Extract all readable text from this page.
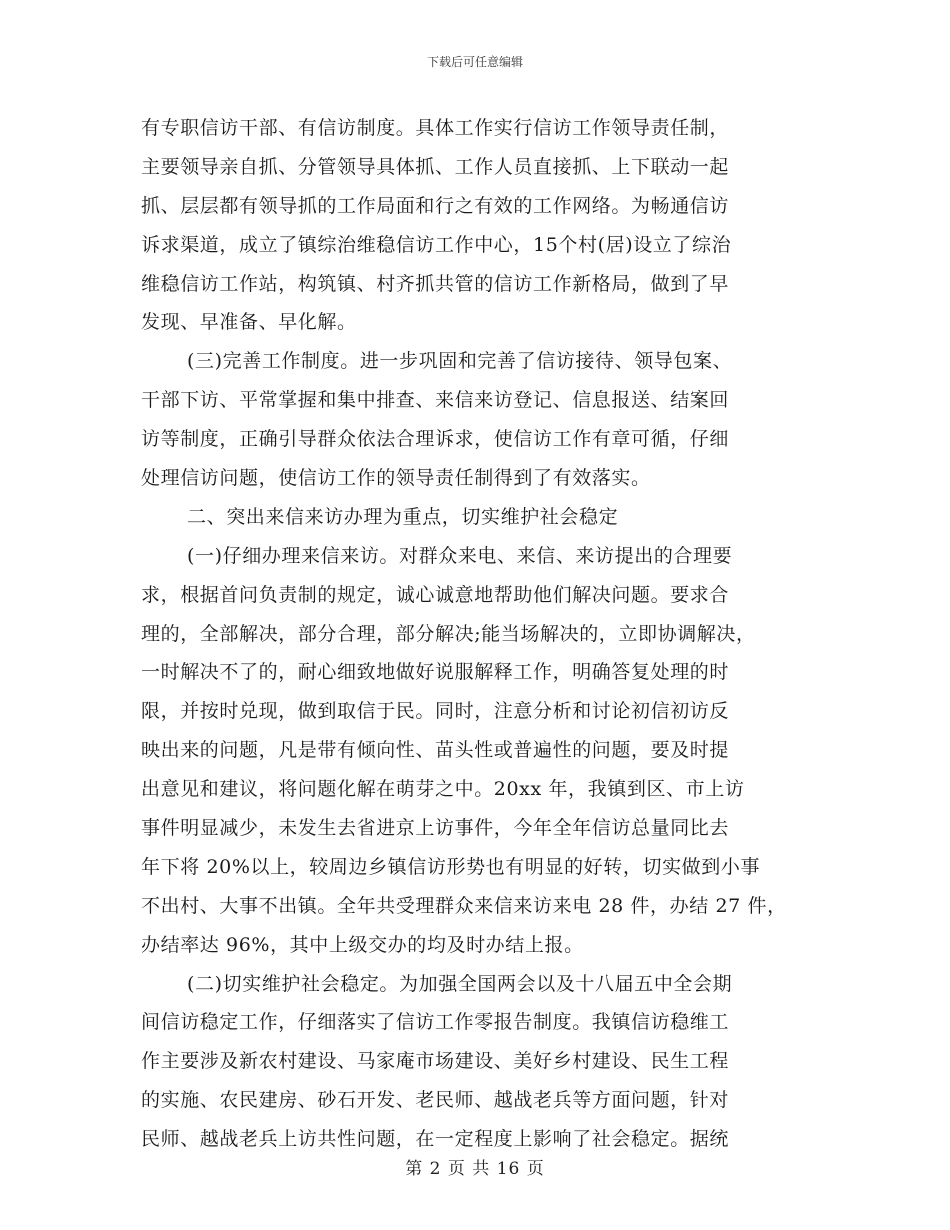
下载后可任意编辑
有专职信访干部、有信访制度。具体工作实行信访工作领导责任制，
主要领导亲自抓、分管领导具体抓、工作人员直接抓、上下联动一起
抓、层层都有领导抓的工作局面和行之有效的工作网络。为畅通信访
诉求渠道，成立了镇综治维稳信访工作中心，15个村(居)设立了综治
维稳信访工作站，构筑镇、村齐抓共管的信访工作新格局，做到了早
发现、早准备、早化解。
(三)完善工作制度。进一步巩固和完善了信访接待、领导包案、
干部下访、平常掌握和集中排查、来信来访登记、信息报送、结案回
访等制度，正确引导群众依法合理诉求，使信访工作有章可循，仔细
处理信访问题，使信访工作的领导责任制得到了有效落实。
二、突出来信来访办理为重点，切实维护社会稳定
(一)仔细办理来信来访。对群众来电、来信、来访提出的合理要
求，根据首问负责制的规定，诚心诚意地帮助他们解决问题。要求合
理的，全部解决，部分合理，部分解决;能当场解决的，立即协调解决，
一时解决不了的，耐心细致地做好说服解释工作，明确答复处理的时
限，并按时兑现，做到取信于民。同时，注意分析和讨论初信初访反
映出来的问题，凡是带有倾向性、苗头性或普遍性的问题，要及时提
出意见和建议，将问题化解在萌芽之中。20xx 年，我镇到区、市上访
事件明显减少，未发生去省进京上访事件，今年全年信访总量同比去
年下将 20%以上，较周边乡镇信访形势也有明显的好转，切实做到小事
不出村、大事不出镇。全年共受理群众来信来访来电 28 件，办结 27 件，
办结率达 96%，其中上级交办的均及时办结上报。
(二)切实维护社会稳定。为加强全国两会以及十八届五中全会期
间信访稳定工作，仔细落实了信访工作零报告制度。我镇信访稳维工
作主要涉及新农村建设、马家庵市场建设、美好乡村建设、民生工程
的实施、农民建房、砂石开发、老民师、越战老兵等方面问题，针对
民师、越战老兵上访共性问题，在一定程度上影响了社会稳定。据统
第 2 页 共 16 页
